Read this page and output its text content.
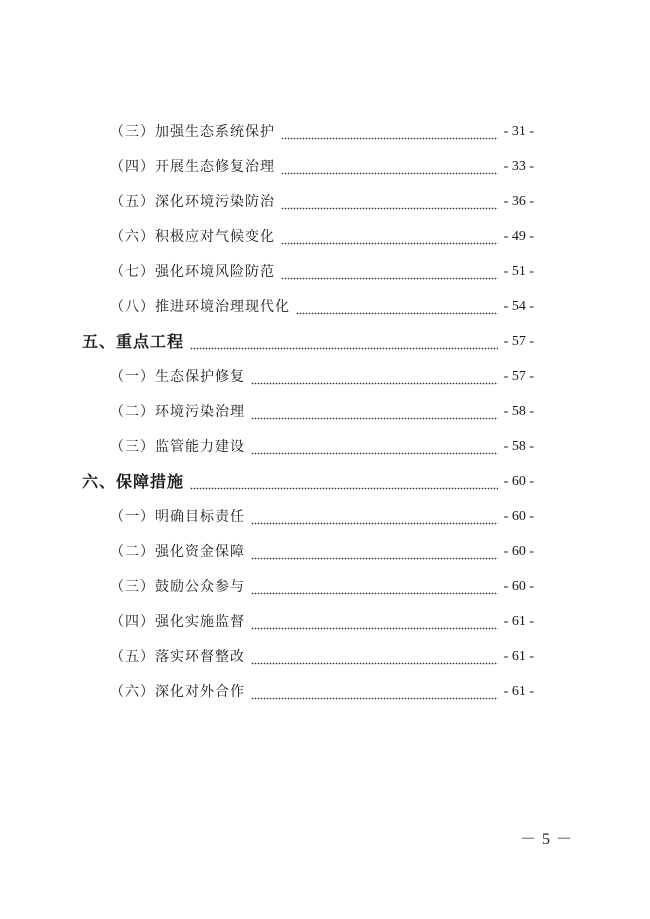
（三）加强生态系统保护	- 31 -
（四）开展生态修复治理	- 33 -
（五）深化环境污染防治	- 36 -
（六）积极应对气候变化	- 49 -
（七）强化环境风险防范	- 51 -
（八）推进环境治理现代化	- 54 -
五、重点工程	- 57 -
（一）生态保护修复	- 57 -
（二）环境污染治理	- 58 -
（三）监管能力建设	- 58 -
六、保障措施	- 60 -
（一）明确目标责任	- 60 -
（二）强化资金保障	- 60 -
（三）鼓励公众参与	- 60 -
（四）强化实施监督	- 61 -
（五）落实环督整改	- 61 -
（六）深化对外合作	- 61 -
－ 5 －
